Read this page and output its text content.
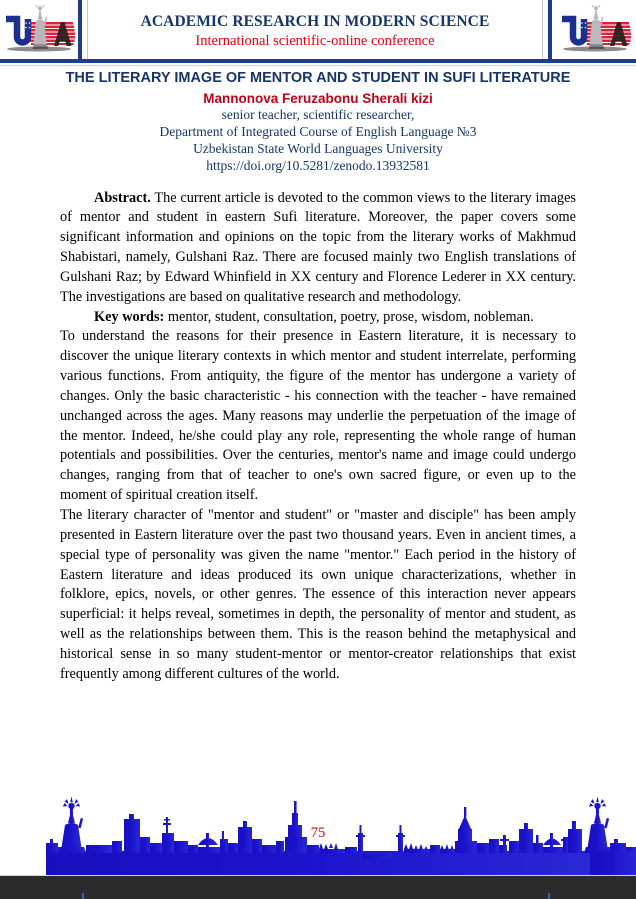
ACADEMIC RESEARCH IN MODERN SCIENCE
International scientific-online conference
THE LITERARY IMAGE OF MENTOR AND STUDENT IN SUFI LITERATURE
Mannonova Feruzabonu Sherali kizi
senior teacher, scientific researcher,
Department of Integrated Course of English Language №3
Uzbekistan State World Languages University
https://doi.org/10.5281/zenodo.13932581

Abstract. The current article is devoted to the common views to the literary images of mentor and student in eastern Sufi literature. Moreover, the paper covers some significant information and opinions on the topic from the literary works of Makhmud Shabistari, namely, Gulshani Raz. There are focused mainly two English translations of Gulshani Raz; by Edward Whinfield in XX century and Florence Lederer in XX century. The investigations are based on qualitative research and methodology.

Key words: mentor, student, consultation, poetry, prose, wisdom, nobleman.

To understand the reasons for their presence in Eastern literature, it is necessary to discover the unique literary contexts in which mentor and student interrelate, performing various functions. From antiquity, the figure of the mentor has undergone a variety of changes. Only the basic characteristic - his connection with the teacher - have remained unchanged across the ages. Many reasons may underlie the perpetuation of the image of the mentor. Indeed, he/she could play any role, representing the whole range of human potentials and possibilities. Over the centuries, mentor's name and image could undergo changes, ranging from that of teacher to one's own sacred figure, or even up to the moment of spiritual creation itself.

The literary character of "mentor and student" or "master and disciple" has been amply presented in Eastern literature over the past two thousand years. Even in ancient times, a special type of personality was given the name "mentor." Each period in the history of Eastern literature and ideas produced its own unique characterizations, whether in folklore, epics, novels, or other genres. The essence of this interaction never appears superficial: it helps reveal, sometimes in depth, the personality of mentor and student, as well as the relationships between them. This is the reason behind the metaphysical and historical sense in so many student-mentor or mentor-creator relationships that exist frequently among different cultures of the world.

75
